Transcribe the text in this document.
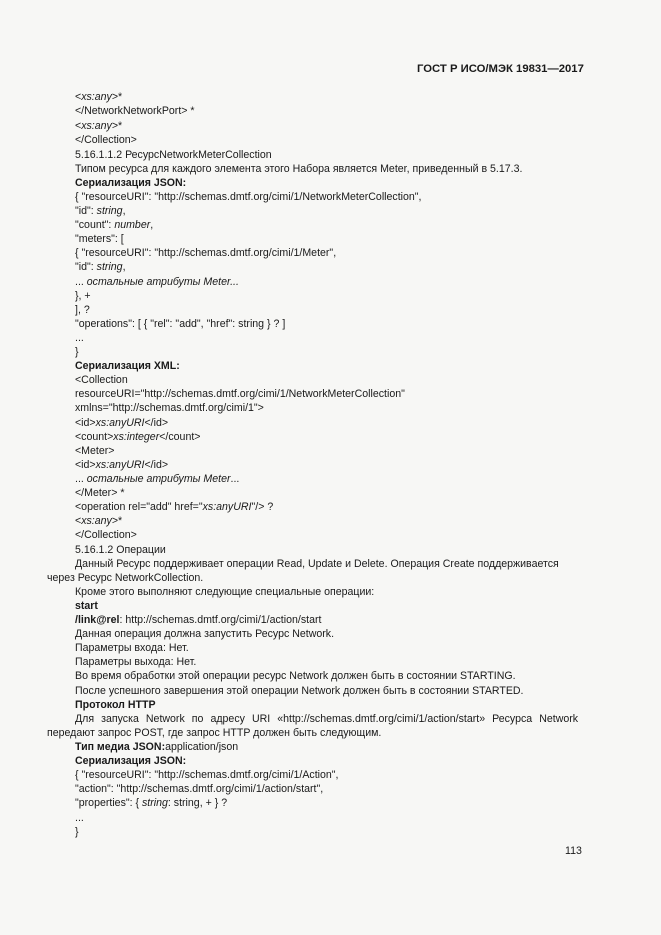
ГОСТ Р ИСО/МЭК 19831—2017
<xs:any>*
</NetworkNetworkPort> *
<xs:any>*
</Collection>
5.16.1.1.2 РесурсNetworkMeterCollection
Типом ресурса для каждого элемента этого Набора является Meter, приведенный в 5.17.3.
Сериализация JSON:
{ "resourceURI": "http://schemas.dmtf.org/cimi/1/NetworkMeterCollection",
"id": string,
"count": number,
"meters": [
{ "resourceURI": "http://schemas.dmtf.org/cimi/1/Meter",
"id": string,
... остальные атрибуты Meter...
}, +
], ?
"operations": [ { "rel": "add", "href": string } ? ]
...
}
Сериализация XML:
<Collection
resourceURI="http://schemas.dmtf.org/cimi/1/NetworkMeterCollection"
xmlns="http://schemas.dmtf.org/cimi/1">
<id>xs:anyURI</id>
<count>xs:integer</count>
<Meter>
<id>xs:anyURI</id>
... остальные атрибуты Meter...
</Meter> *
<operation rel="add" href="xs:anyURI"/> ?
<xs:any>*
</Collection>
5.16.1.2 Операции
Данный Ресурс поддерживает операции Read, Update и Delete. Операция Create поддерживается
через Ресурс NetworkCollection.
Кроме этого выполняют следующие специальные операции:
start
/link@rel: http://schemas.dmtf.org/cimi/1/action/start
Данная операция должна запустить Ресурс Network.
Параметры входа: Нет.
Параметры выхода: Нет.
Во время обработки этой операции ресурс Network должен быть в состоянии STARTING.
После успешного завершения этой операции Network должен быть в состоянии STARTED.
Протокол HTTP
Для запуска Network по адресу URI «http://schemas.dmtf.org/cimi/1/action/start» Ресурса Network
передают запрос POST, где запрос HTTP должен быть следующим.
Тип медиа JSON:application/json
Сериализация JSON:
{ "resourceURI": "http://schemas.dmtf.org/cimi/1/Action",
"action": "http://schemas.dmtf.org/cimi/1/action/start",
"properties": { string: string, + } ?
...
}
113
